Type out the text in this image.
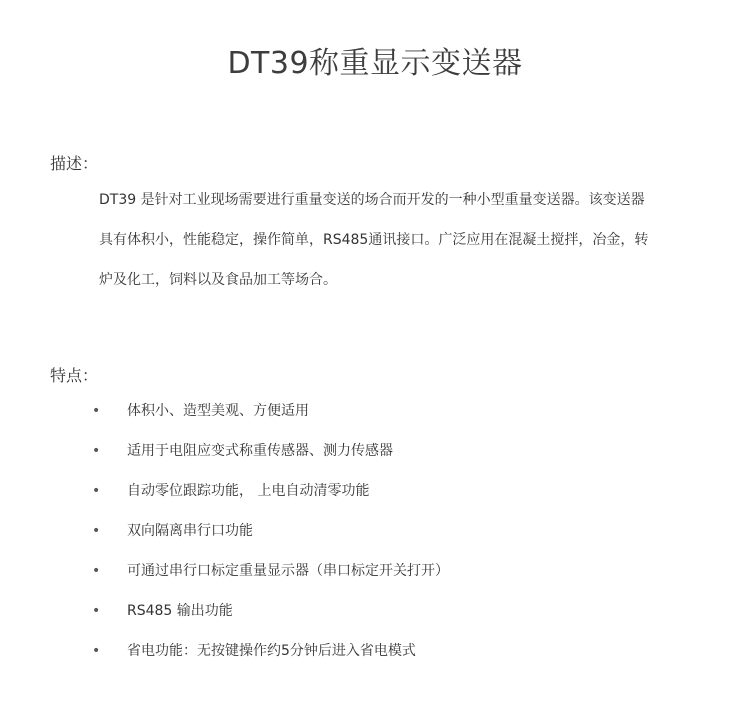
DT39称重显示变送器
描述：

DT39 是针对工业现场需要进行重量变送的场合而开发的一种小型重量变送器。该变送器
具有体积小，性能稳定，操作简单，RS485通讯接口。广泛应用在混凝土搅拌，冶金，转
炉及化工，饲料以及食品加工等场合。

特点：
• 体积小、造型美观、方便适用
• 适用于电阻应变式称重传感器、测力传感器
• 自动零位跟踪功能， 上电自动清零功能
• 双向隔离串行口功能
• 可通过串行口标定重量显示器（串口标定开关打开）
• RS485 输出功能
• 省电功能：无按键操作约5分钟后进入省电模式
